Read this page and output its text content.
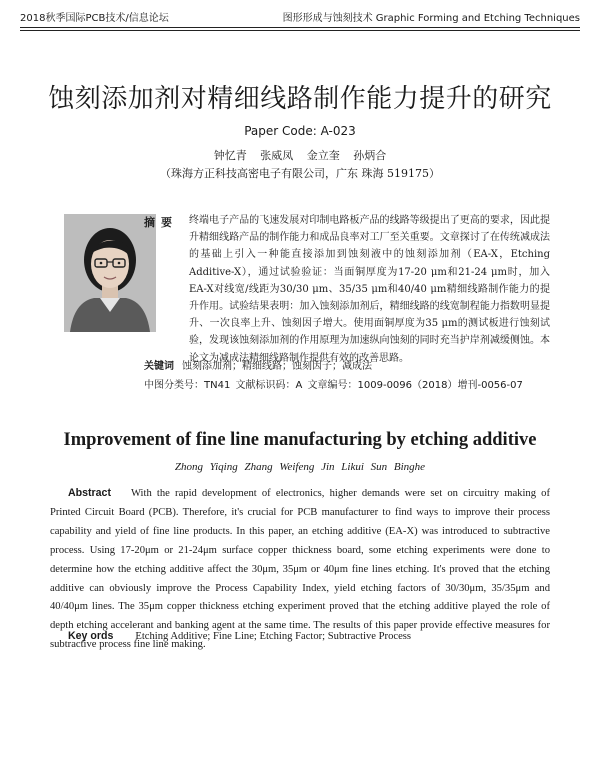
2018秋季国际PCB技术/信息论坛	图形形成与蚀刻技术 Graphic Forming and Etching Techniques
蚀刻添加剂对精细线路制作能力提升的研究
Paper Code: A-023
钟忆青 张威凤 金立奎 孙炳合
（珠海方正科技高密电子有限公司，广东 珠海 519175）
摘要 终端电子产品的飞速发展对印制电路板产品的线路等级提出了更高的要求，因此提升精细线路产品的制作能力和成品良率对工厂至关重要。文章探讨了在传统减成法的基础上引入一种能直接添加到蚀刻液中的蚀刻添加剂（EA-X，Etching Additive-X），通过试验验证：当面铜厚度为17-20 μm和21-24 μm时，加入EA-X对线宽/线距为30/30 μm、35/35 μm和40/40 μm精细线路制作能力的提升作用。试验结果表明：加入蚀刻添加剂后，精细线路的线宽制程能力指数明显提升、一次良率上升、蚀刻因子增大。使用面铜厚度为35 μm的测试板进行蚀刻试验，发现该蚀刻添加剂的作用原理为加速纵向蚀刻的同时充当护岸剂减缓侧蚀。本论文为减成法精细线路制作提供有效的改善思路。
关键词 蚀刻添加剂；精细线路；蚀刻因子；减成法
中图分类号：TN41 文献标识码：A 文章编号：1009-0096（2018）增刊-0056-07
Improvement of fine line manufacturing by etching additive
Zhong Yiqing Zhang Weifeng Jin Likui Sun Binghe
Abstract With the rapid development of electronics, higher demands were set on circuitry making of Printed Circuit Board (PCB). Therefore, it's crucial for PCB manufacturer to find ways to improve their process capability and yield of fine line products. In this paper, an etching additive (EA-X) was introduced to subtractive process. Using 17-20μm or 21-24μm surface copper thickness board, some etching experiments were done to determine how the etching additive affect the 30μm, 35μm or 40μm fine lines etching. It's proved that the etching additive can obviously improve the Process Capability Index, yield etching factors of 30/30μm, 35/35μm and 40/40μm lines. The 35μm copper thickness etching experiment proved that the etching additive played the role of depth etching accelerant and banking agent at the same time. The results of this paper provide effective measures for subtractive process fine line making.
Key ords Etching Additive; Fine Line; Etching Factor; Subtractive Process
